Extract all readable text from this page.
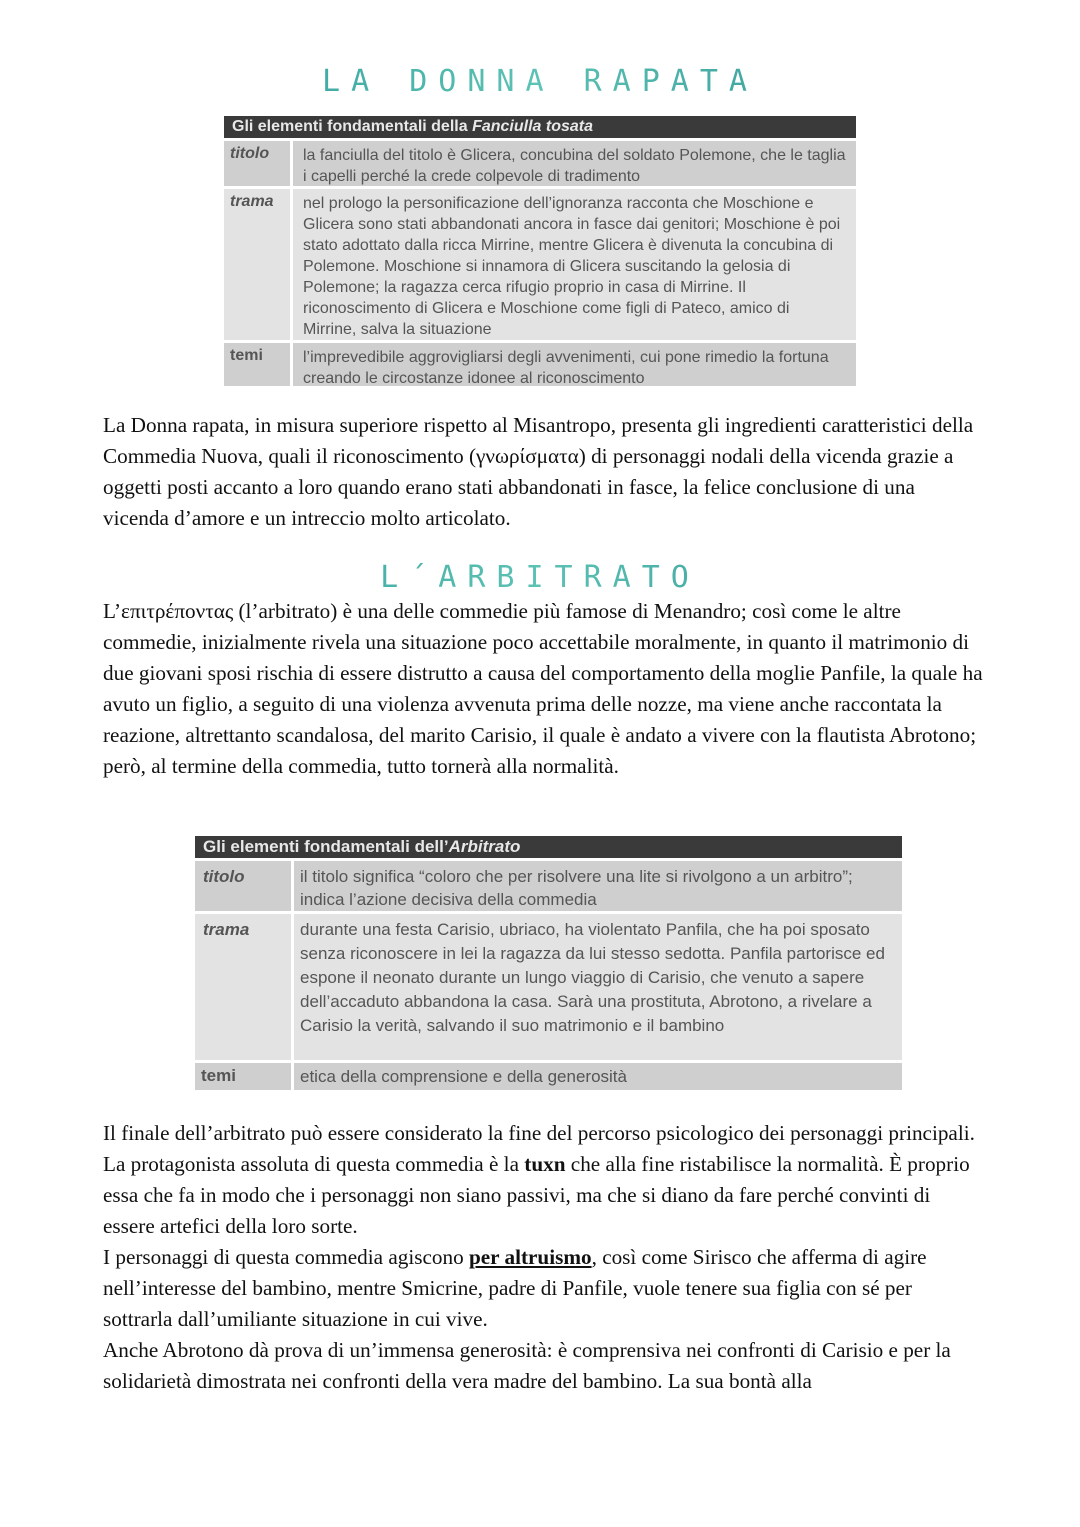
LA DONNA RAPATA
Gli elementi fondamentali della Fanciulla tosata
titolo	la fanciulla del titolo è Glicera, concubina del soldato Polemone, che le taglia i capelli perché la crede colpevole di tradimento
trama	nel prologo la personificazione dell’ignoranza racconta che Moschione e Glicera sono stati abbandonati ancora in fasce dai genitori; Moschione è poi stato adottato dalla ricca Mirrine, mentre Glicera è divenuta la concubina di Polemone. Moschione si innamora di Glicera suscitando la gelosia di Polemone; la ragazza cerca rifugio proprio in casa di Mirrine. Il riconoscimento di Glicera e Moschione come figli di Pateco, amico di Mirrine, salva la situazione
temi	l’imprevedibile aggrovigliarsi degli avvenimenti, cui pone rimedio la fortuna creando le circostanze idonee al riconoscimento

La Donna rapata, in misura superiore rispetto al Misantropo, presenta gli ingredienti caratteristici della Commedia Nuova, quali il riconoscimento (γνωρίσματα) di personaggi nodali della vicenda grazie a oggetti posti accanto a loro quando erano stati abbandonati in fasce, la felice conclusione di una vicenda d’amore e un intreccio molto articolato.

L´ARBITRATO

L’επιτρέποντας (l’arbitrato) è una delle commedie più famose di Menandro; così come le altre commedie, inizialmente rivela una situazione poco accettabile moralmente, in quanto il matrimonio di due giovani sposi rischia di essere distrutto a causa del comportamento della moglie Panfile, la quale ha avuto un figlio, a seguito di una violenza avvenuta prima delle nozze, ma viene anche raccontata la reazione, altrettanto scandalosa, del marito Carisio, il quale è andato a vivere con la flautista Abrotono; però, al termine della commedia, tutto tornerà alla normalità.

Gli elementi fondamentali dell’Arbitrato
titolo	il titolo significa “coloro che per risolvere una lite si rivolgono a un arbitro”; indica l’azione decisiva della commedia
trama	durante una festa Carisio, ubriaco, ha violentato Panfila, che ha poi sposato senza riconoscere in lei la ragazza da lui stesso sedotta. Panfila partorisce ed espone il neonato durante un lungo viaggio di Carisio, che venuto a sapere dell’accaduto abbandona la casa. Sarà una prostituta, Abrotono, a rivelare a Carisio la verità, salvando il suo matrimonio e il bambino
temi	etica della comprensione e della generosità

Il finale dell’arbitrato può essere considerato la fine del percorso psicologico dei personaggi principali. La protagonista assoluta di questa commedia è la tuxn che alla fine ristabilisce la normalità. È proprio essa che fa in modo che i personaggi non siano passivi, ma che si diano da fare perché convinti di essere artefici della loro sorte.

I personaggi di questa commedia agiscono per altruismo, così come Sirisco che afferma di agire nell’interesse del bambino, mentre Smicrine, padre di Panfile, vuole tenere sua figlia con sé per sottrarla dall’umiliante situazione in cui vive.

Anche Abrotono dà prova di un’immensa generosità: è comprensiva nei confronti di Carisio e per la solidarietà dimostrata nei confronti della vera madre del bambino. La sua bontà alla
